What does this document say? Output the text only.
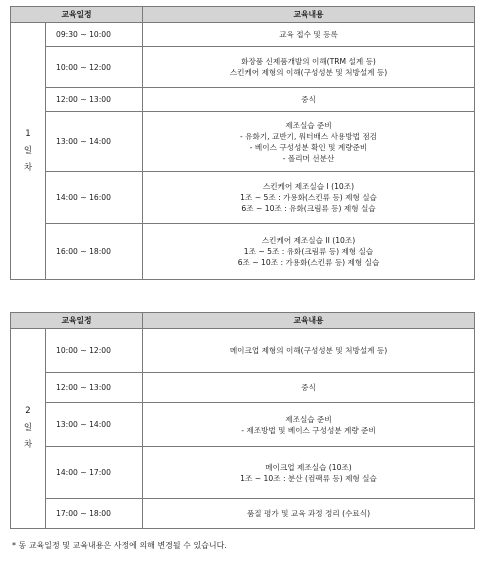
교육일정		교육내용
1
일
차	09:30 ~ 10:00	교육 접수 및 등록

	10:00 ~ 12:00	화장품 신제품개발의 이해(TRM 설계 등)
스킨케어 제형의 이해(구성성분 및 처방설계 등)

	12:00 ~ 13:00	중식

	13:00 ~ 14:00	제조실습 준비
- 유화기, 교반기, 워터배스 사용방법 점검
- 베이스 구성성분 확인 및 계량준비
- 폴리머 선분산

	14:00 ~ 16:00	스킨케어 제조실습 I (10조)
1조 ~ 5조 : 가용화(스킨류 등) 제형 실습
6조 ~ 10조 : 유화(크림류 등) 제형 실습

	16:00 ~ 18:00	스킨케어 제조실습 II (10조)
1조 ~ 5조 : 유화(크림류 등) 제형 실습
6조 ~ 10조 : 가용화(스킨류 등) 제형 실습
교육일정		교육내용
2
일
차	10:00 ~ 12:00	메이크업 제형의 이해(구성성분 및 처방설계 등)

	12:00 ~ 13:00	중식

	13:00 ~ 14:00	제조실습 준비
- 제조방법 및 베이스 구성성분 계량 준비

	14:00 ~ 17:00	메이크업 제조실습 (10조)
1조 ~ 10조 : 분산 (컴팩류 등) 제형 실습

	17:00 ~ 18:00	품질 평가 및 교육 과정 정리 (수료식)
* 동 교육일정 및 교육내용은 사정에 의해 변경될 수 있습니다.
